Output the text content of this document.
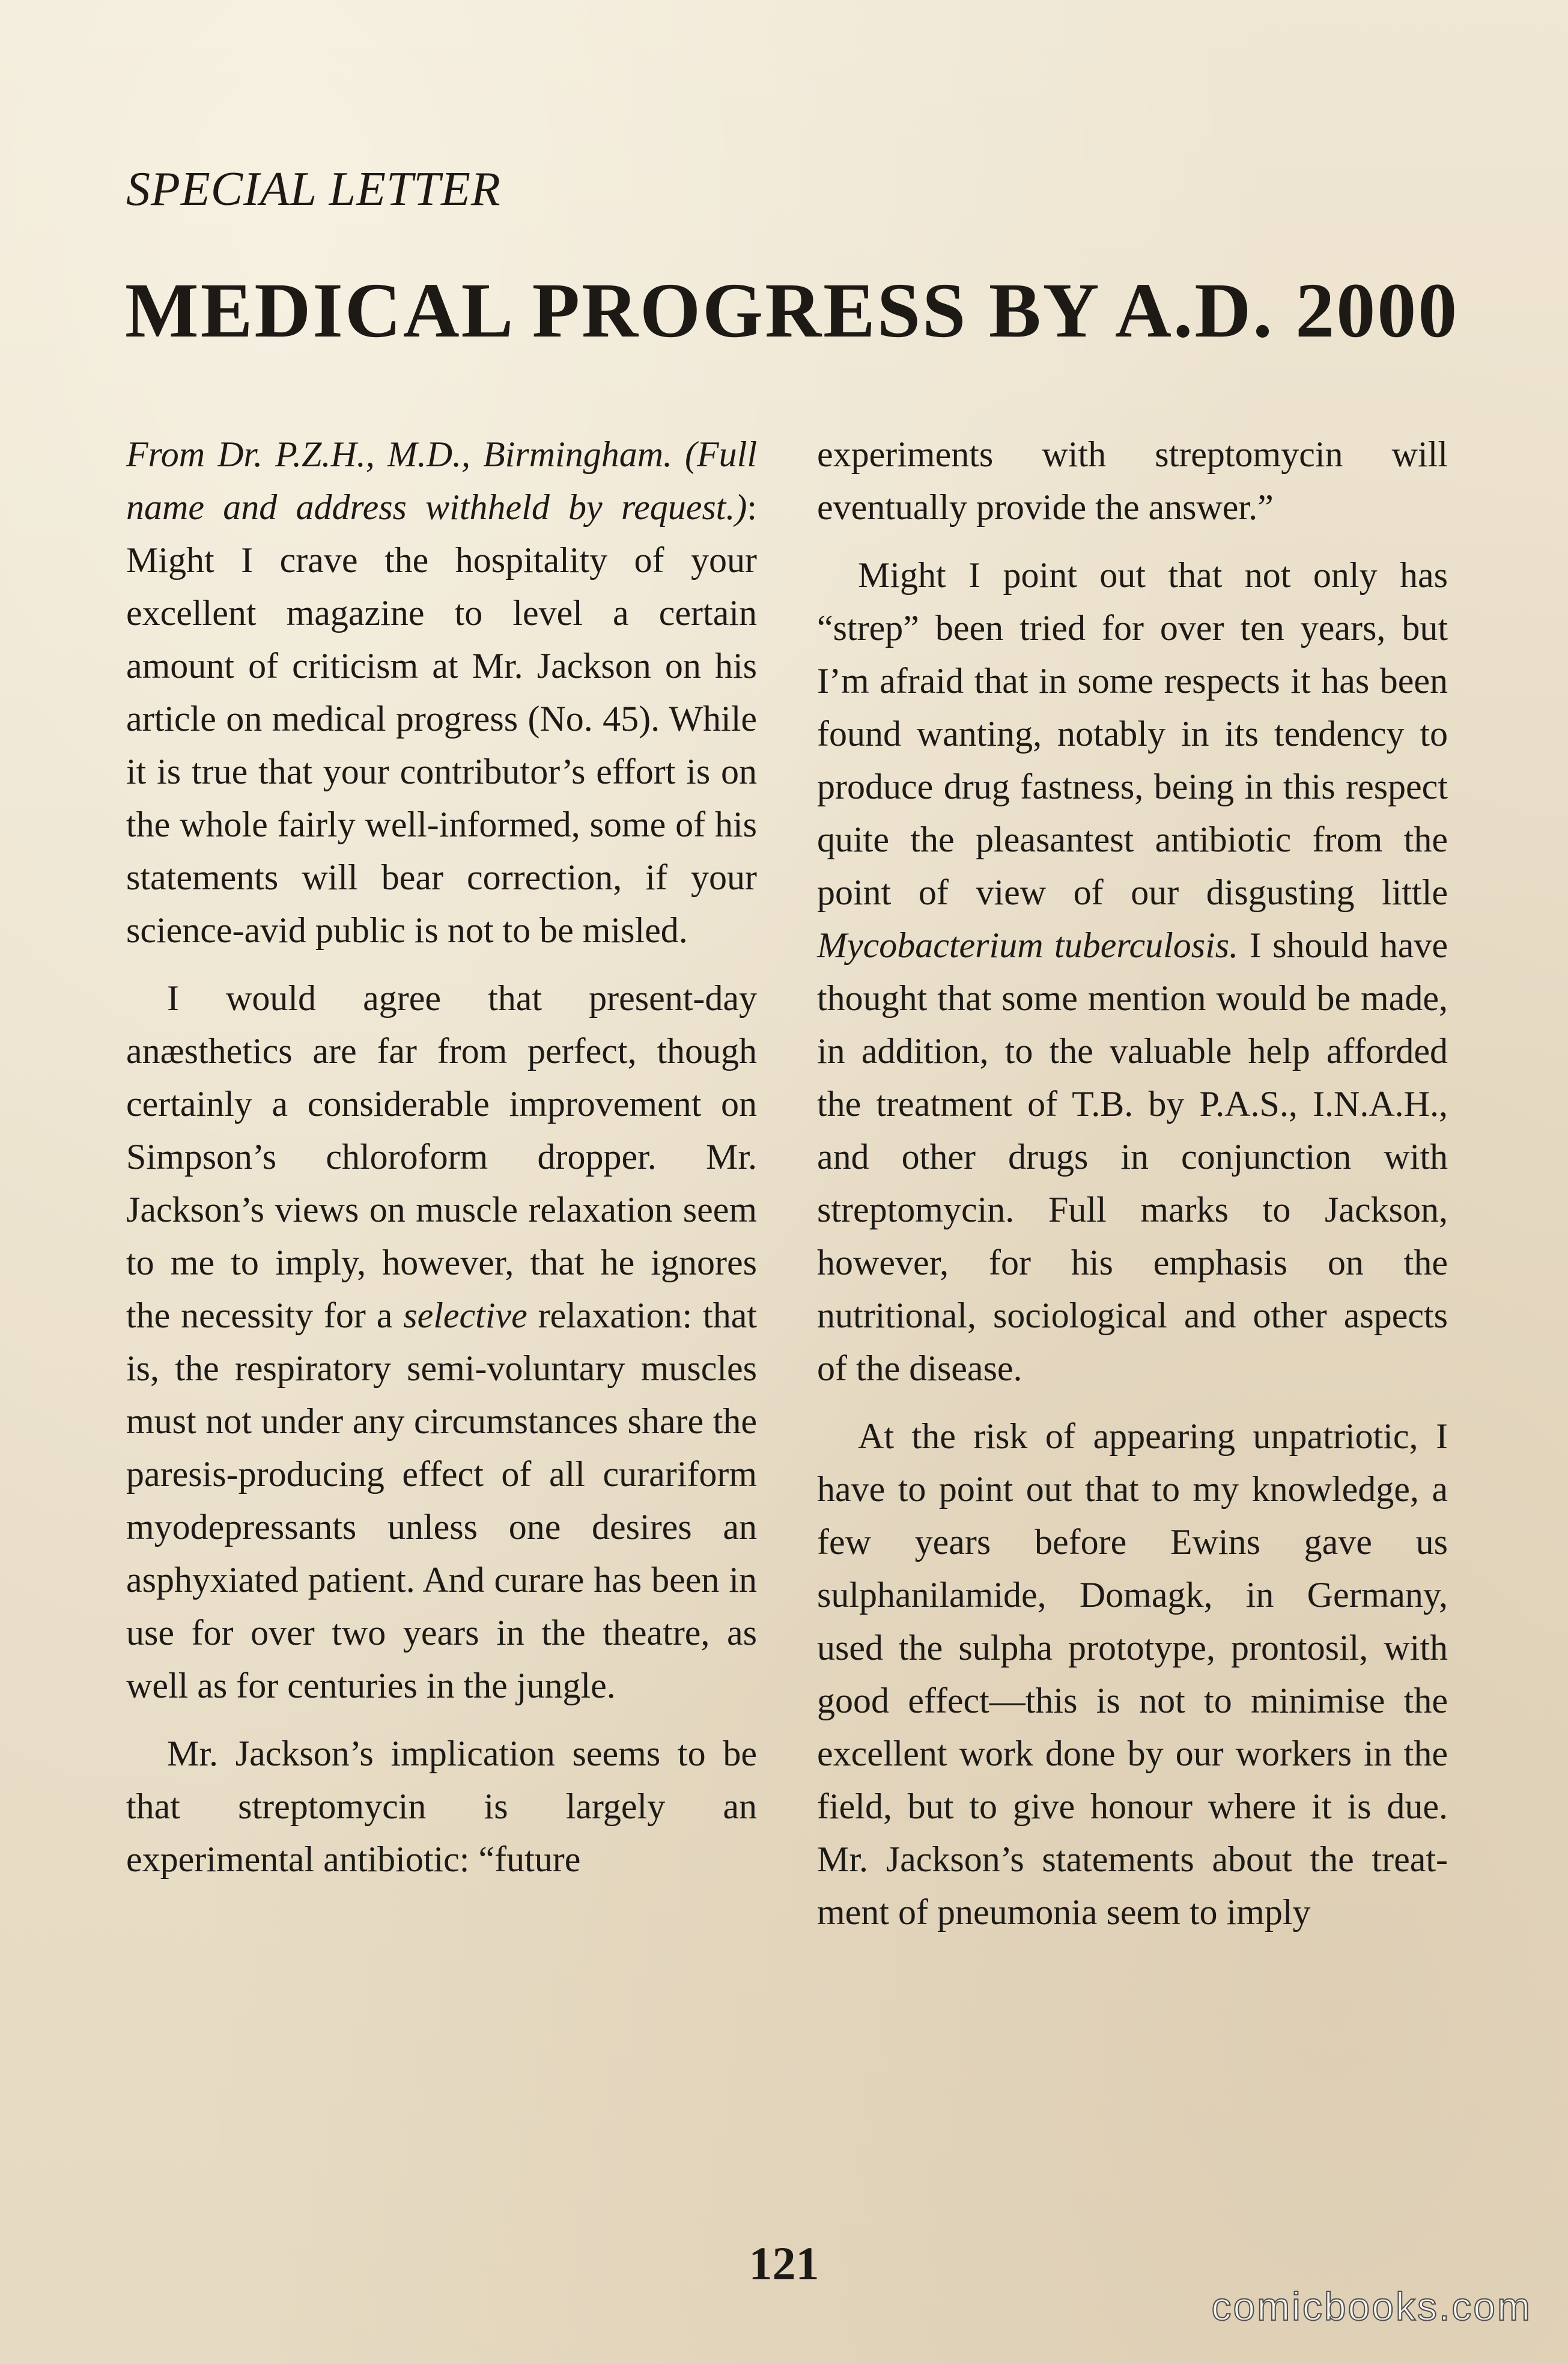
SPECIAL LETTER
MEDICAL PROGRESS BY A.D. 2000

From Dr. P.Z.H., M.D., Birmingham. (Full name and address withheld by request.): Might I crave the hospitality of your excellent magazine to level a certain amount of criticism at Mr. Jackson on his article on medical progress (No. 45). While it is true that your contributor’s effort is on the whole fairly well-informed, some of his statements will bear correction, if your science-avid public is not to be misled.

I would agree that present-day anæsthetics are far from perfect, though certainly a considerable improvement on Simpson’s chloroform dropper. Mr. Jackson’s views on muscle relaxation seem to me to imply, however, that he ignores the necessity for a selective relaxation: that is, the respiratory semi-voluntary muscles must not under any circumstances share the paresis-producing effect of all curariform myodepressants unless one desires an asphyxiated patient. And curare has been in use for over two years in the theatre, as well as for centuries in the jungle.

Mr. Jackson’s implication seems to be that streptomycin is largely an experimental antibiotic: “future

experiments with streptomycin will eventually provide the answer.”

Might I point out that not only has “strep” been tried for over ten years, but I’m afraid that in some respects it has been found wanting, notably in its tendency to produce drug fastness, being in this respect quite the pleasantest antibiotic from the point of view of our disgusting little Mycobacterium tuberculosis. I should have thought that some mention would be made, in addition, to the valuable help afforded the treatment of T.B. by P.A.S., I.N.A.H., and other drugs in conjunction with streptomycin. Full marks to Jackson, however, for his emphasis on the nutritional, sociological and other aspects of the disease.

At the risk of appearing unpatriotic, I have to point out that to my knowledge, a few years before Ewins gave us sulphanilamide, Domagk, in Germany, used the sulpha prototype, prontosil, with good effect—this is not to minimise the excellent work done by our workers in the field, but to give honour where it is due. Mr. Jackson’s statements about the treatment of pneumonia seem to imply

121
comicbooks.com
